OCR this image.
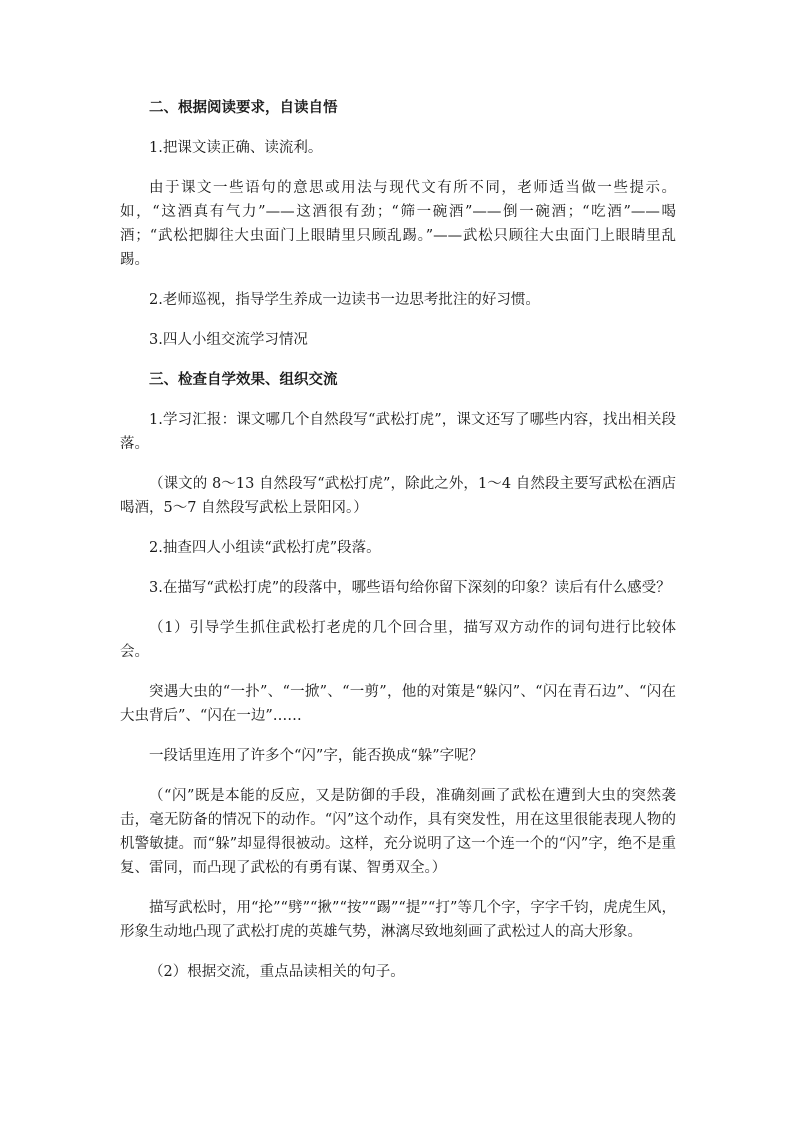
二、根据阅读要求，自读自悟

1.把课文读正确、读流利。

由于课文一些语句的意思或用法与现代文有所不同，老师适当做一些提示。如，“这酒真有气力”——这酒很有劲；“筛一碗酒”——倒一碗酒；“吃酒”——喝酒；“武松把脚往大虫面门上眼睛里只顾乱踢。”——武松只顾往大虫面门上眼睛里乱踢。

2.老师巡视，指导学生养成一边读书一边思考批注的好习惯。

3.四人小组交流学习情况

三、检查自学效果、组织交流

1.学习汇报：课文哪几个自然段写“武松打虎”，课文还写了哪些内容，找出相关段落。

（课文的 8～13 自然段写“武松打虎”，除此之外，1～4 自然段主要写武松在酒店喝酒，5～7 自然段写武松上景阳冈。）

2.抽查四人小组读“武松打虎”段落。

3.在描写“武松打虎”的段落中，哪些语句给你留下深刻的印象？读后有什么感受？

（1）引导学生抓住武松打老虎的几个回合里，描写双方动作的词句进行比较体会。

突遇大虫的“一扑”、“一掀”、“一剪”，他的对策是“躲闪”、“闪在青石边”、“闪在大虫背后”、“闪在一边”……

一段话里连用了许多个“闪”字，能否换成“躲”字呢？

（“闪”既是本能的反应，又是防御的手段，准确刻画了武松在遭到大虫的突然袭击，毫无防备的情况下的动作。“闪”这个动作，具有突发性，用在这里很能表现人物的机警敏捷。而“躲”却显得很被动。这样，充分说明了这一个连一个的“闪”字，绝不是重复、雷同，而凸现了武松的有勇有谋、智勇双全。）

描写武松时，用“抡”“劈”“揪”“按”“踢”“提”“打”等几个字，字字千钧，虎虎生风，形象生动地凸现了武松打虎的英雄气势，淋漓尽致地刻画了武松过人的高大形象。

（2）根据交流，重点品读相关的句子。
